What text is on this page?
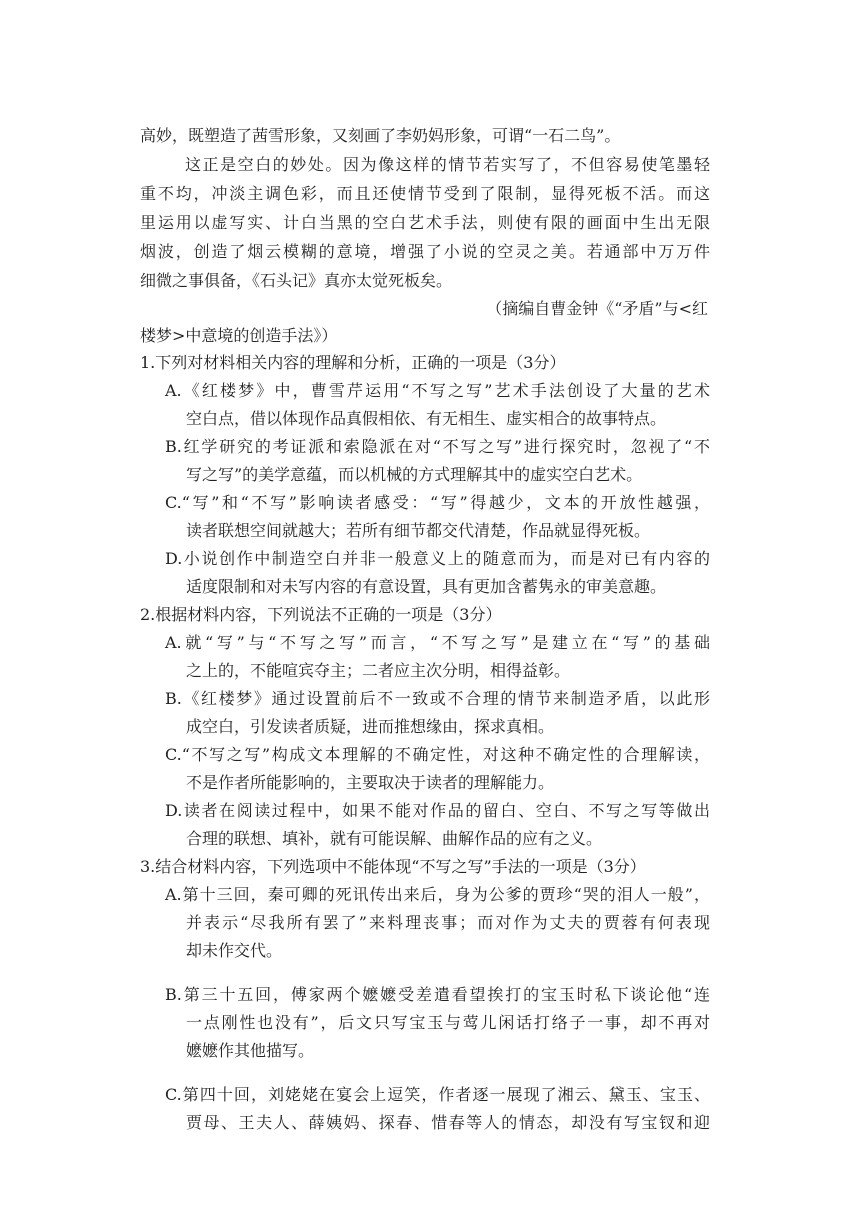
高妙，既塑造了茜雪形象，又刻画了李奶妈形象，可谓“一石二鸟”。
这正是空白的妙处。因为像这样的情节若实写了，不但容易使笔墨轻
重不均，冲淡主调色彩，而且还使情节受到了限制，显得死板不活。而这
里运用以虚写实、计白当黑的空白艺术手法，则使有限的画面中生出无限
烟波，创造了烟云模糊的意境，增强了小说的空灵之美。若通部中万万件
细微之事俱备，《石头记》真亦太觉死板矣。
（摘编自曹金钟《“矛盾”与<红
楼梦>中意境的创造手法》）
1.下列对材料相关内容的理解和分析，正确的一项是（3分）
A.《红楼梦》中，曹雪芹运用“不写之写”艺术手法创设了大量的艺术
空白点，借以体现作品真假相依、有无相生、虚实相合的故事特点。
B.红学研究的考证派和索隐派在对“不写之写”进行探究时，忽视了“不
写之写”的美学意蕴，而以机械的方式理解其中的虚实空白艺术。
C.“写”和“不写”影响读者感受：“写”得越少，文本的开放性越强，
读者联想空间就越大；若所有细节都交代清楚，作品就显得死板。
D.小说创作中制造空白并非一般意义上的随意而为，而是对已有内容的
适度限制和对未写内容的有意设置，具有更加含蓄隽永的审美意趣。
2.根据材料内容，下列说法不正确的一项是（3分）
A.就“写”与“不写之写”而言，“不写之写”是建立在“写”的基础
之上的，不能喧宾夺主；二者应主次分明，相得益彰。
B.《红楼梦》通过设置前后不一致或不合理的情节来制造矛盾，以此形
成空白，引发读者质疑，进而推想缘由，探求真相。
C.“不写之写”构成文本理解的不确定性，对这种不确定性的合理解读，
不是作者所能影响的，主要取决于读者的理解能力。
D.读者在阅读过程中，如果不能对作品的留白、空白、不写之写等做出
合理的联想、填补，就有可能误解、曲解作品的应有之义。
3.结合材料内容，下列选项中不能体现“不写之写”手法的一项是（3分）
A.第十三回，秦可卿的死讯传出来后，身为公爹的贾珍“哭的泪人一般”，
并表示“尽我所有罢了”来料理丧事；而对作为丈夫的贾蓉有何表现
却未作交代。
B.第三十五回，傅家两个嬷嬷受差遣看望挨打的宝玉时私下谈论他“连
一点刚性也没有”，后文只写宝玉与莺儿闲话打络子一事，却不再对
嬷嬷作其他描写。
C.第四十回，刘姥姥在宴会上逗笑，作者逐一展现了湘云、黛玉、宝玉、
贾母、王夫人、薛姨妈、探春、惜春等人的情态，却没有写宝钗和迎
